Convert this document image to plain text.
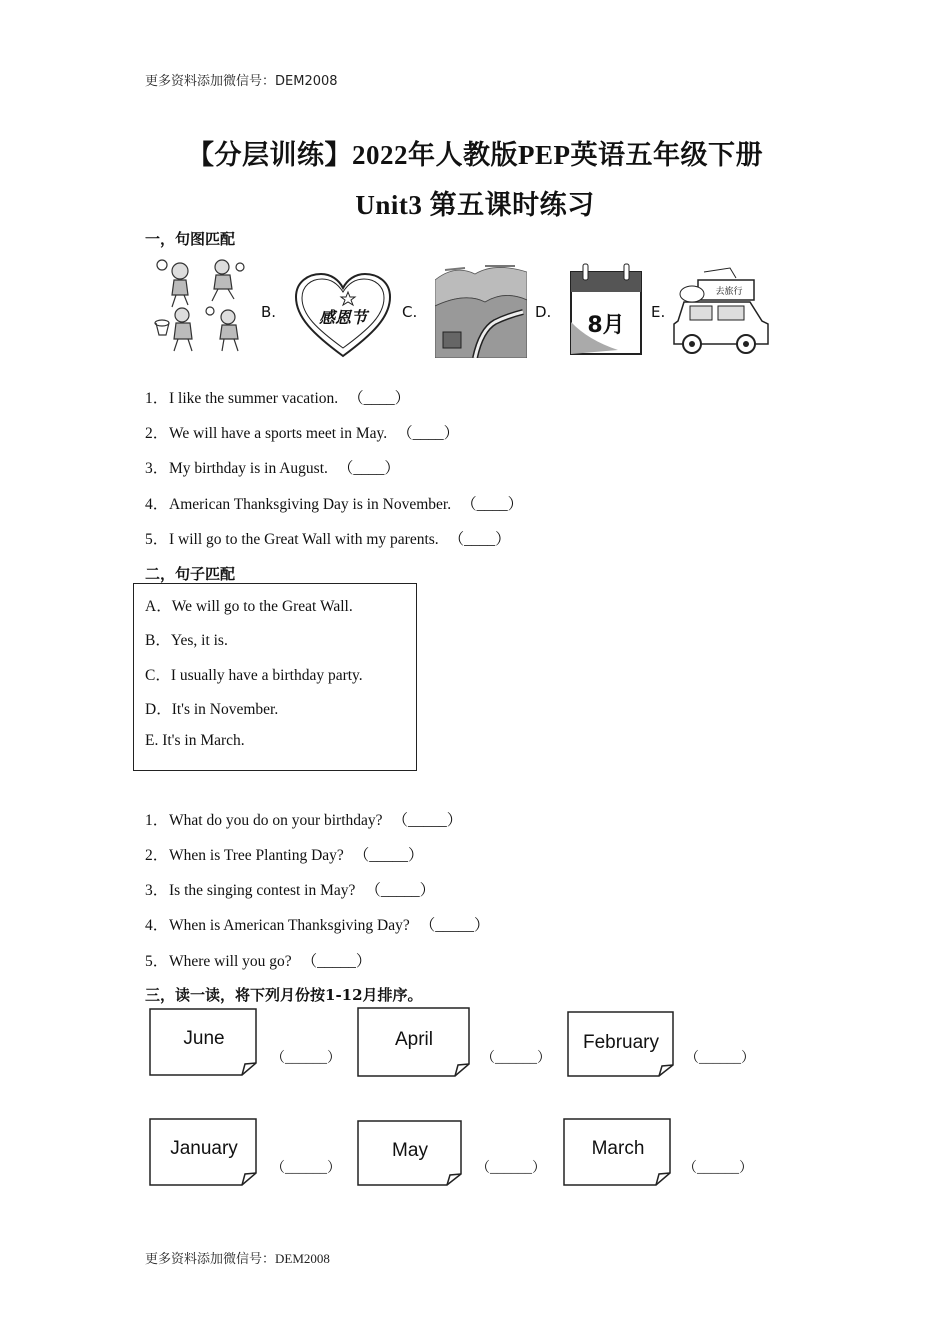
更多资料添加微信号：DEM2008
【分层训练】2022年人教版PEP英语五年级下册
Unit3 第五课时练习
一，句图匹配
B.	感恩节	C.	D.
8月
E.
去旅行
1．I like the summer vacation. （____）
2．We will have a sports meet in May. （____）
3．My birthday is in August. （____）
4．American Thanksgiving Day is in November. （____）
5．I will go to the Great Wall with my parents. （____）
二，句子匹配
A．We will go to the Great Wall.
B．Yes, it is.
C．I usually have a birthday party.
D．It's in November.
E. It's in March.
1．What do you do on your birthday? （_____）
2．When is Tree Planting Day? （_____）
3．Is the singing contest in May? （_____）
4．When is American Thanksgiving Day? （_____）
5．Where will you go? （_____）
三，读一读，将下列月份按1-12月排序。
June
（______）
April
（______）
February
（______）
January
（______）
May
（______）
March
（______）
更多资料添加微信号：DEM2008
